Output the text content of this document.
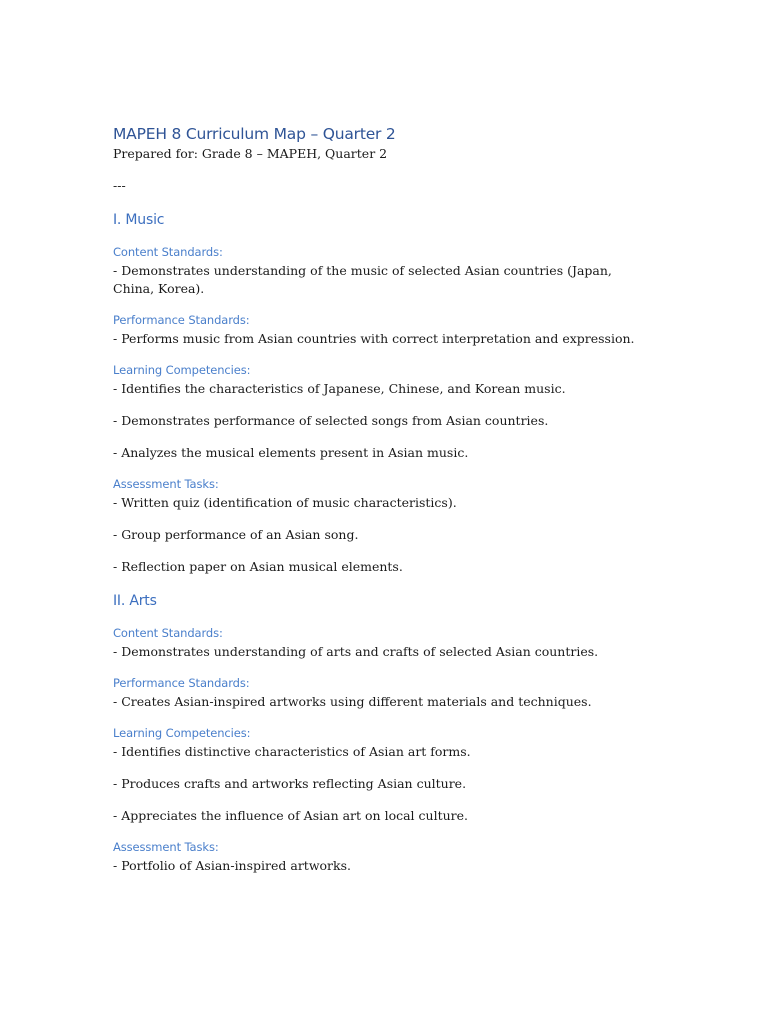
MAPEH 8 Curriculum Map – Quarter 2

Prepared for: Grade 8 – MAPEH, Quarter 2

---

I. Music
Content Standards:

- Demonstrates understanding of the music of selected Asian countries (Japan, China, Korea).

Performance Standards:

- Performs music from Asian countries with correct interpretation and expression.

Learning Competencies:

- Identifies the characteristics of Japanese, Chinese, and Korean music.

- Demonstrates performance of selected songs from Asian countries.

- Analyzes the musical elements present in Asian music.

Assessment Tasks:

- Written quiz (identification of music characteristics).

- Group performance of an Asian song.

- Reflection paper on Asian musical elements.

II. Arts
Content Standards:

- Demonstrates understanding of arts and crafts of selected Asian countries.

Performance Standards:

- Creates Asian-inspired artworks using different materials and techniques.

Learning Competencies:

- Identifies distinctive characteristics of Asian art forms.

- Produces crafts and artworks reflecting Asian culture.

- Appreciates the influence of Asian art on local culture.

Assessment Tasks:

- Portfolio of Asian-inspired artworks.
